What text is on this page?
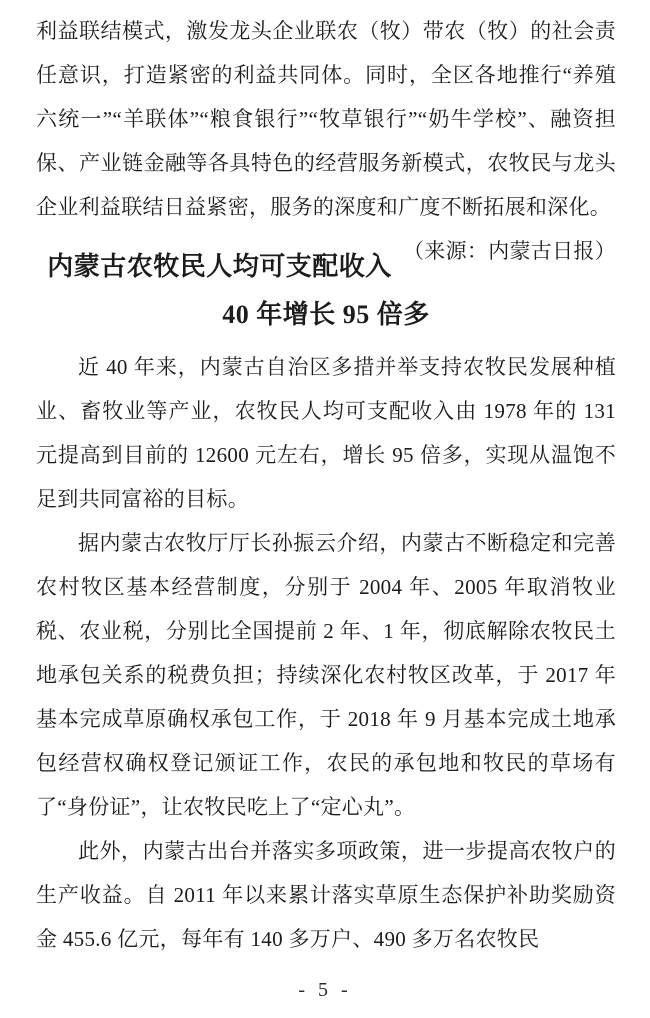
利益联结模式，激发龙头企业联农（牧）带农（牧）的社会责任意识，打造紧密的利益共同体。同时，全区各地推行“养殖六统一”“羊联体”“粮食银行”“牧草银行”“奶牛学校”、融资担保、产业链金融等各具特色的经营服务新模式，农牧民与龙头企业利益联结日益紧密，服务的深度和广度不断拓展和深化。
（来源：内蒙古日报）

内蒙古农牧民人均可支配收入 40 年增长 95 倍多

近 40 年来，内蒙古自治区多措并举支持农牧民发展种植业、畜牧业等产业，农牧民人均可支配收入由 1978 年的 131 元提高到目前的 12600 元左右，增长 95 倍多，实现从温饱不足到共同富裕的目标。

据内蒙古农牧厅厅长孙振云介绍，内蒙古不断稳定和完善农村牧区基本经营制度，分别于 2004 年、2005 年取消牧业税、农业税，分别比全国提前 2 年、1 年，彻底解除农牧民土地承包关系的税费负担；持续深化农村牧区改革，于 2017 年基本完成草原确权承包工作，于 2018 年 9 月基本完成土地承包经营权确权登记颁证工作，农民的承包地和牧民的草场有了“身份证”，让农牧民吃上了“定心丸”。

此外，内蒙古出台并落实多项政策，进一步提高农牧户的生产收益。自 2011 年以来累计落实草原生态保护补助奖励资金 455.6 亿元，每年有 140 多万户、490 多万名农牧民

- 5 -
